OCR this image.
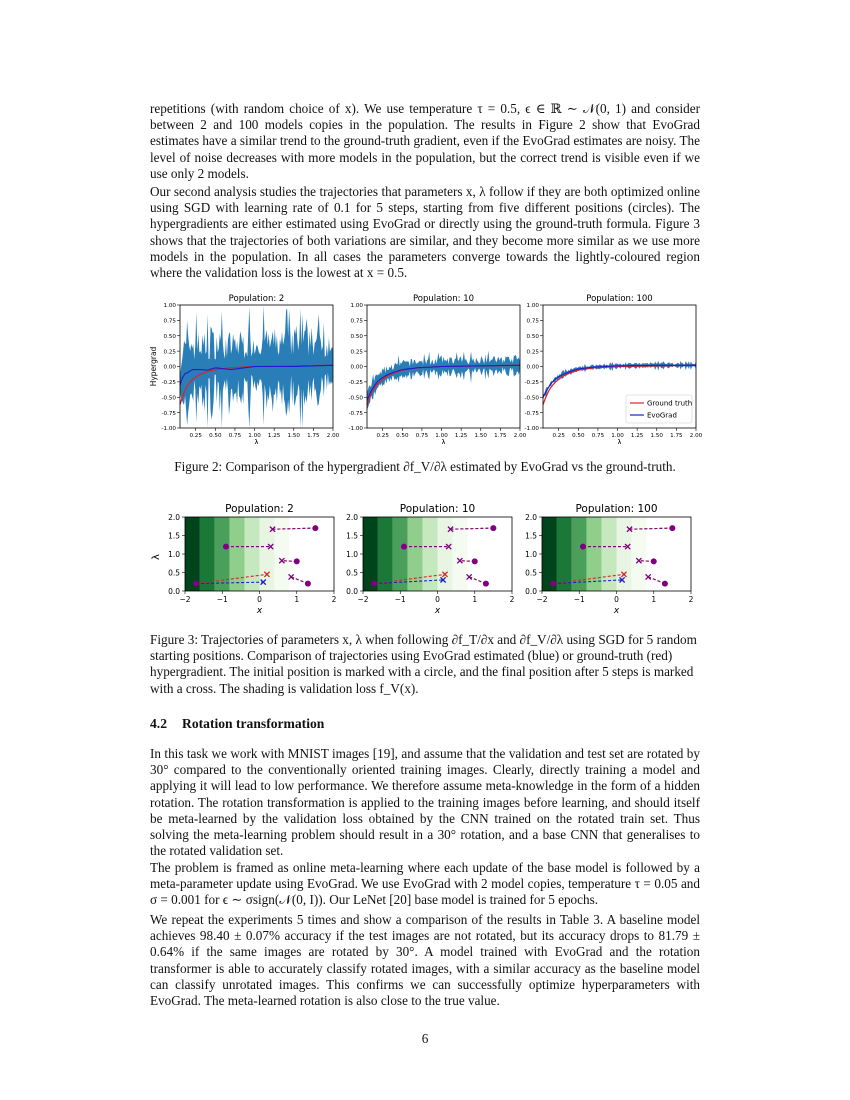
repetitions (with random choice of x). We use temperature τ = 0.5, ϵ ∈ ℝ ∼ 𝒩(0, 1) and consider between 2 and 100 models copies in the population. The results in Figure 2 show that EvoGrad estimates have a similar trend to the ground-truth gradient, even if the EvoGrad estimates are noisy. The level of noise decreases with more models in the population, but the correct trend is visible even if we use only 2 models.

Our second analysis studies the trajectories that parameters x, λ follow if they are both optimized online using SGD with learning rate of 0.1 for 5 steps, starting from five different positions (circles). The hypergradients are either estimated using EvoGrad or directly using the ground-truth formula. Figure 3 shows that the trajectories of both variations are similar, and they become more similar as we use more models in the population. In all cases the parameters converge towards the lightly-coloured region where the validation loss is the lowest at x = 0.5.

Population: 2
-1.00
-0.75
-0.50
-0.25
0.00
0.25
0.50
0.75
1.00
0.25 0.50 0.75 1.00 1.25 1.50 1.75 2.00
λ
Hypergrad
Population: 10
-1.00
-0.75
-0.50
-0.25
0.00
0.25
0.50
0.75
1.00
0.25 0.50 0.75 1.00 1.25 1.50 1.75 2.00
λ
Population: 100
-1.00
-0.75
-0.50
-0.25
0.00
0.25
0.50
0.75
1.00
0.25 0.50 0.75 1.00 1.25 1.50 1.75 2.00
λ
Ground truth
EvoGrad

Figure 2: Comparison of the hypergradient ∂f_V/∂λ estimated by EvoGrad vs the ground-truth.

Population: 2
0.0
0.5
1.0
1.5
2.0
−2	−1	0	1	2
x
λ
Population: 10
0.0
0.5
1.0
1.5
2.0
−2	−1	0	1	2
x
Population: 100
0.0
0.5
1.0
1.5
2.0
−2	−1	0	1	2
x

Figure 3: Trajectories of parameters x, λ when following ∂f_T/∂x and ∂f_V/∂λ using SGD for 5 random starting positions. Comparison of trajectories using EvoGrad estimated (blue) or ground-truth (red) hypergradient. The initial position is marked with a circle, and the final position after 5 steps is marked with a cross. The shading is validation loss f_V(x).

4.2 Rotation transformation

In this task we work with MNIST images [19], and assume that the validation and test set are rotated by 30° compared to the conventionally oriented training images. Clearly, directly training a model and applying it will lead to low performance. We therefore assume meta-knowledge in the form of a hidden rotation. The rotation transformation is applied to the training images before learning, and should itself be meta-learned by the validation loss obtained by the CNN trained on the rotated train set. Thus solving the meta-learning problem should result in a 30° rotation, and a base CNN that generalises to the rotated validation set.

The problem is framed as online meta-learning where each update of the base model is followed by a meta-parameter update using EvoGrad. We use EvoGrad with 2 model copies, temperature τ = 0.05 and σ = 0.001 for ϵ ∼ σsign(𝒩(0, I)). Our LeNet [20] base model is trained for 5 epochs.

We repeat the experiments 5 times and show a comparison of the results in Table 3. A baseline model achieves 98.40 ± 0.07% accuracy if the test images are not rotated, but its accuracy drops to 81.79 ± 0.64% if the same images are rotated by 30°. A model trained with EvoGrad and the rotation transformer is able to accurately classify rotated images, with a similar accuracy as the baseline model can classify unrotated images. This confirms we can successfully optimize hyperparameters with EvoGrad. The meta-learned rotation is also close to the true value.

6
